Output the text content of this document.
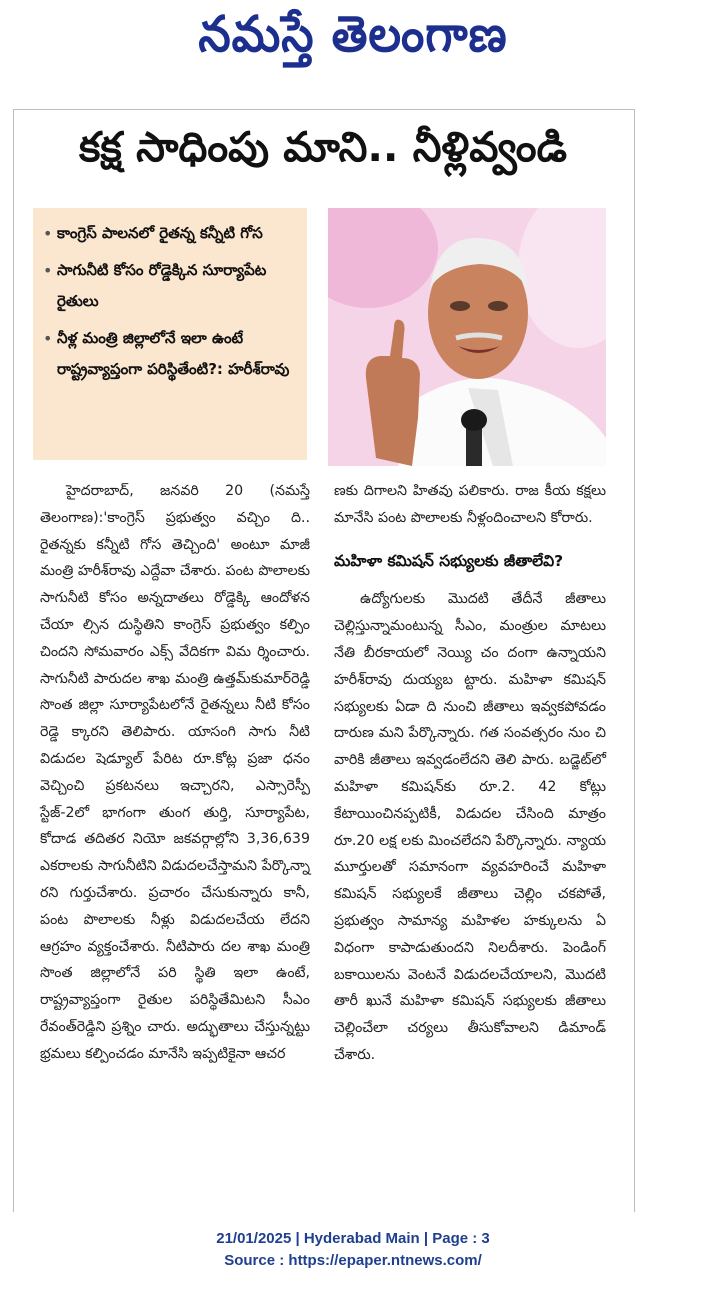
నమస్తే తెలంగాణ
కక్ష సాధింపు మాని.. నీళ్లివ్వండి
• కాంగ్రెస్ పాలనలో రైతన్న కన్నీటి గోస
• సాగునీటి కోసం రోడ్డెక్కిన సూర్యాపేట రైతులు
• నీళ్ల మంత్రి జిల్లాలోనే ఇలా ఉంటే రాష్ట్రవ్యాప్తంగా పరిస్థితేంటి?: హరీశ్‌రావు

హైదరాబాద్, జనవరి 20 (నమస్తే తెలంగాణ):'కాంగ్రెస్ ప్రభుత్వం వచ్చిం ది.. రైతన్నకు కన్నీటి గోస తెచ్చింది' అంటూ మాజీ మంత్రి హరీశ్‌రావు ఎద్దేవా చేశారు. పంట పొలాలకు సాగునీటి కోసం అన్నదాతలు రోడ్డెక్కి ఆందోళన చేయా ల్సిన దుస్థితిని కాంగ్రెస్ ప్రభుత్వం కల్పిం చిందని సోమవారం ఎక్స్ వేదికగా విమ ర్శించారు. సాగునీటి పారుదల శాఖ మంత్రి ఉత్తమ్‌కుమార్‌రెడ్డి సొంత జిల్లా సూర్యాపేటలోనే రైతన్నలు నీటి కోసం రెడ్డె క్కారని తెలిపారు. యాసంగి సాగు నీటి విడుదల షెడ్యూల్ పేరిట రూ.కోట్ల ప్రజా ధనం వెచ్చించి ప్రకటనలు ఇచ్చారని, ఎస్సారెస్పీ స్టేజ్-2లో భాగంగా తుంగ తుర్తి, సూర్యాపేట, కోదాడ తదితర నియో జకవర్గాల్లోని 3,36,639 ఎకరాలకు సాగునీటిని విడుదలచేస్తామని పేర్కొన్నా రని గుర్తుచేశారు. ప్రచారం చేసుకున్నారు కానీ, పంట పొలాలకు నీళ్లు విడుదలచేయ లేదని ఆగ్రహం వ్యక్తంచేశారు. నీటిపారు దల శాఖ మంత్రి సొంత జిల్లాలోనే పరి స్థితి ఇలా ఉంటే, రాష్ట్రవ్యాప్తంగా రైతుల పరిస్థితేమిటని సీఎం రేవంత్‌రెడ్డిని ప్రశ్నిం చారు. అద్భుతాలు చేస్తున్నట్టు భ్రమలు కల్పించడం మానేసి ఇప్పటికైనా ఆచర

ణకు దిగాలని హితవు పలికారు. రాజ కీయ కక్షలు మానేసి పంట పొలాలకు నీళ్లందించాలని కోరారు.

మహిళా కమిషన్ సభ్యులకు జీతాలేవి?

ఉద్యోగులకు మొదటి తేదీనే జీతాలు చెల్లిస్తున్నామంటున్న సీఎం, మంత్రుల మాటలు నేతి బీరకాయలో నెయ్యి చం దంగా ఉన్నాయని హరీశ్‌రావు దుయ్యబ ట్టారు. మహిళా కమిషన్ సభ్యులకు ఏడా ది నుంచి జీతాలు ఇవ్వకపోవడం దారుణ మని పేర్కొన్నారు. గత సంవత్సరం నుం చి వారికి జీతాలు ఇవ్వడంలేదని తెలి పారు. బడ్జెట్‌లో మహిళా కమిషన్‌కు రూ.2. 42 కోట్లు కేటాయించినప్పటికీ, విడుదల చేసింది మాత్రం రూ.20 లక్ష లకు మించలేదని పేర్కొన్నారు. న్యాయ మూర్తులతో సమానంగా వ్యవహరించే మహిళా కమిషన్ సభ్యులకే జీతాలు చెల్లిం చకపోతే, ప్రభుత్వం సామాన్య మహిళల హక్కులను ఏ విధంగా కాపాడుతుందని నిలదీశారు. పెండింగ్ బకాయిలను వెంటనే విడుదలచేయాలని, మొదటి తారీ ఖునే మహిళా కమిషన్ సభ్యులకు జీతాలు చెల్లించేలా చర్యలు తీసుకోవాలని డిమాండ్ చేశారు.

21/01/2025 | Hyderabad Main | Page : 3
Source : https://epaper.ntnews.com/
